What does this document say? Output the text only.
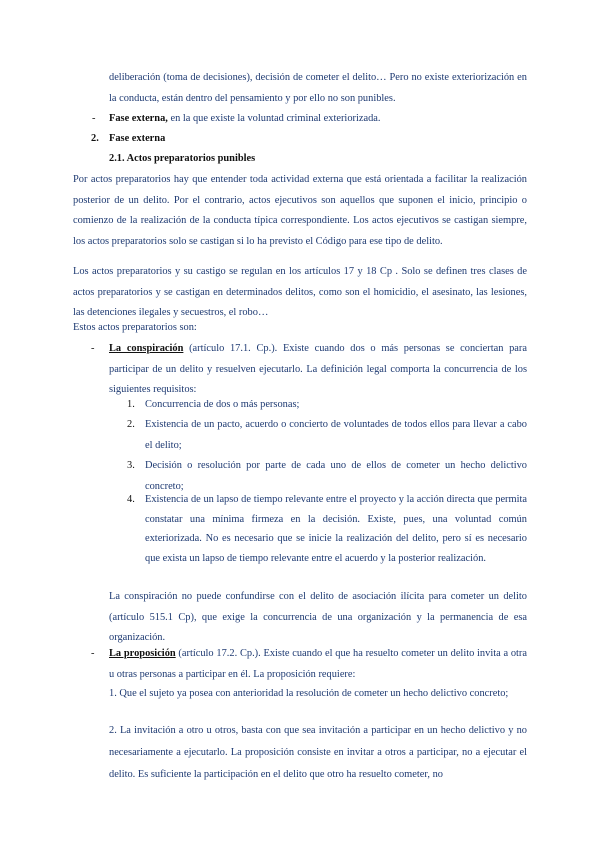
deliberación (toma de decisiones), decisión de cometer el delito… Pero no existe exteriorización en la conducta, están dentro del pensamiento y por ello no son punibles.

- Fase externa, en la que existe la voluntad criminal exteriorizada.

2. Fase externa

2.1. Actos preparatorios punibles

Por actos preparatorios hay que entender toda actividad externa que está orientada a facilitar la realización posterior de un delito. Por el contrario, actos ejecutivos son aquellos que suponen el inicio, principio o comienzo de la realización de la conducta típica correspondiente. Los actos ejecutivos se castigan siempre, los actos preparatorios solo se castigan si lo ha previsto el Código para ese tipo de delito.

Los actos preparatorios y su castigo se regulan en los artículos 17 y 18 Cp . Solo se definen tres clases de actos preparatorios y se castigan en determinados delitos, como son el homicidio, el asesinato, las lesiones, las detenciones ilegales y secuestros, el robo…

Estos actos preparatorios son:

- La conspiración (artículo 17.1. Cp.). Existe cuando dos o más personas se conciertan para participar de un delito y resuelven ejecutarlo. La definición legal comporta la concurrencia de los siguientes requisitos:

1. Concurrencia de dos o más personas;

2. Existencia de un pacto, acuerdo o concierto de voluntades de todos ellos para llevar a cabo el delito;

3. Decisión o resolución por parte de cada uno de ellos de cometer un hecho delictivo concreto;

4. Existencia de un lapso de tiempo relevante entre el proyecto y la acción directa que permita constatar una mínima firmeza en la decisión. Existe, pues, una voluntad común exteriorizada. No es necesario que se inicie la realización del delito, pero sí es necesario que exista un lapso de tiempo relevante entre el acuerdo y la posterior realización.

La conspiración no puede confundirse con el delito de asociación ilícita para cometer un delito (artículo 515.1 Cp), que exige la concurrencia de una organización y la permanencia de esa organización.

- La proposición (artículo 17.2. Cp.). Existe cuando el que ha resuelto cometer un delito invita a otra u otras personas a participar en él. La proposición requiere:

1. Que el sujeto ya posea con anterioridad la resolución de cometer un hecho delictivo concreto;

2. La invitación a otro u otros, basta con que sea invitación a participar en un hecho delictivo y no necesariamente a ejecutarlo. La proposición consiste en invitar a otros a participar, no a ejecutar el delito. Es suficiente la participación en el delito que otro ha resuelto cometer, no
